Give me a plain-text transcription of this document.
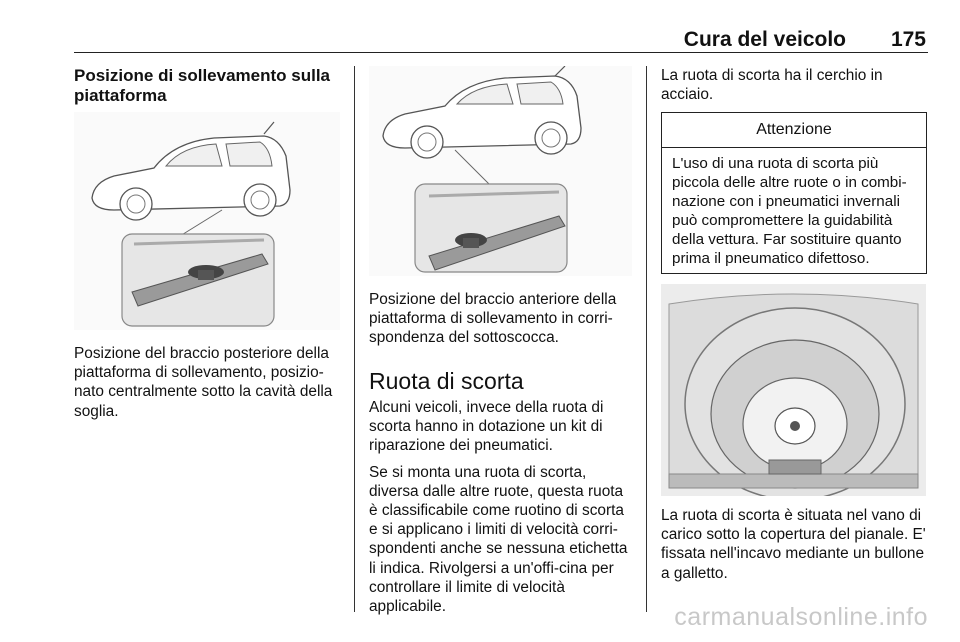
Cura del veicolo 175

Posizione di sollevamento sulla piattaforma

Posizione del braccio posteriore della piattaforma di sollevamento, posizio-nato centralmente sotto la cavità della soglia.

Posizione del braccio anteriore della piattaforma di sollevamento in corri-spondenza del sottoscocca.

Ruota di scorta

Alcuni veicoli, invece della ruota di scorta hanno in dotazione un kit di riparazione dei pneumatici.

Se si monta una ruota di scorta, diversa dalle altre ruote, questa ruota è classificabile come ruotino di scorta e si applicano i limiti di velocità corri-spondenti anche se nessuna etichetta li indica. Rivolgersi a un'offi-cina per controllare il limite di velocità applicabile.

La ruota di scorta ha il cerchio in acciaio.

Attenzione
L'uso di una ruota di scorta più piccola delle altre ruote o in combi-nazione con i pneumatici invernali può compromettere la guidabilità della vettura. Far sostituire quanto prima il pneumatico difettoso.

La ruota di scorta è situata nel vano di carico sotto la copertura del pianale. E' fissata nell'incavo mediante un bullone a galletto.

carmanualsonline.info
